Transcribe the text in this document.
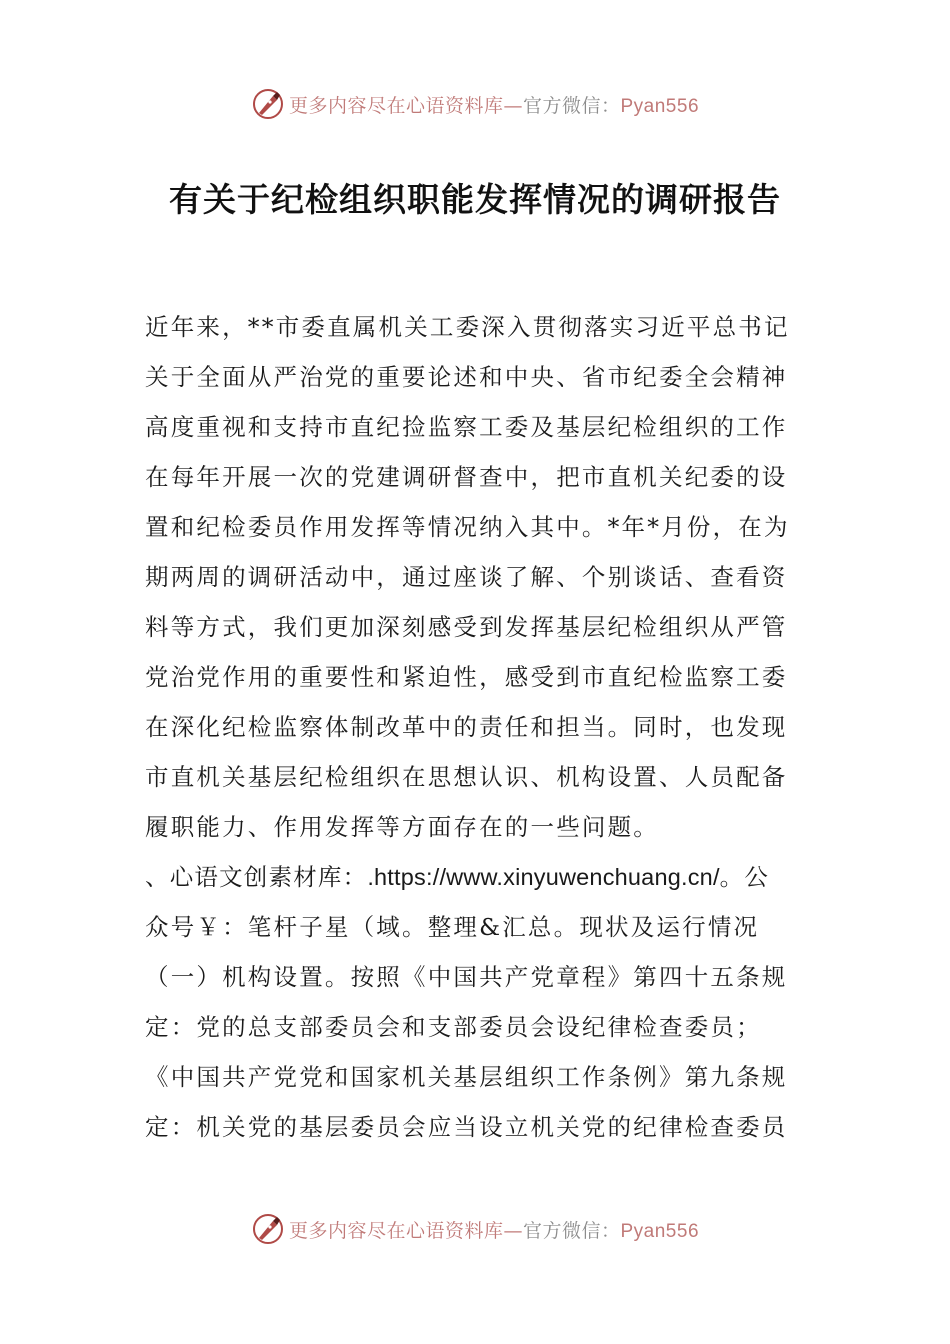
更多内容尽在心语资料库—官方微信：Pyan556
有关于纪检组织职能发挥情况的调研报告
近年来，**市委直属机关工委深入贯彻落实习近平总书记
关于全面从严治党的重要论述和中央、省市纪委全会精神
高度重视和支持市直纪捡监察工委及基层纪检组织的工作
在每年开展一次的党建调研督查中，把市直机关纪委的设
置和纪检委员作用发挥等情况纳入其中。*年*月份，在为
期两周的调研活动中，通过座谈了解、个别谈话、查看资
料等方式，我们更加深刻感受到发挥基层纪检组织从严管
党治党作用的重要性和紧迫性，感受到市直纪检监察工委
在深化纪检监察体制改革中的责任和担当。同时，也发现
市直机关基层纪检组织在思想认识、机构设置、人员配备
履职能力、作用发挥等方面存在的一些问题。
、心语文创素材库：.https://www.xinyuwenchuang.cn/。公
众号￥：笔杆子星（域。整理&汇总。现状及运行情况
（一）机构设置。按照《中国共产党章程》第四十五条规
定：党的总支部委员会和支部委员会设纪律检查委员；
《中国共产党党和国家机关基层组织工作条例》第九条规
定：机关党的基层委员会应当设立机关党的纪律检查委员
更多内容尽在心语资料库—官方微信：Pyan556
